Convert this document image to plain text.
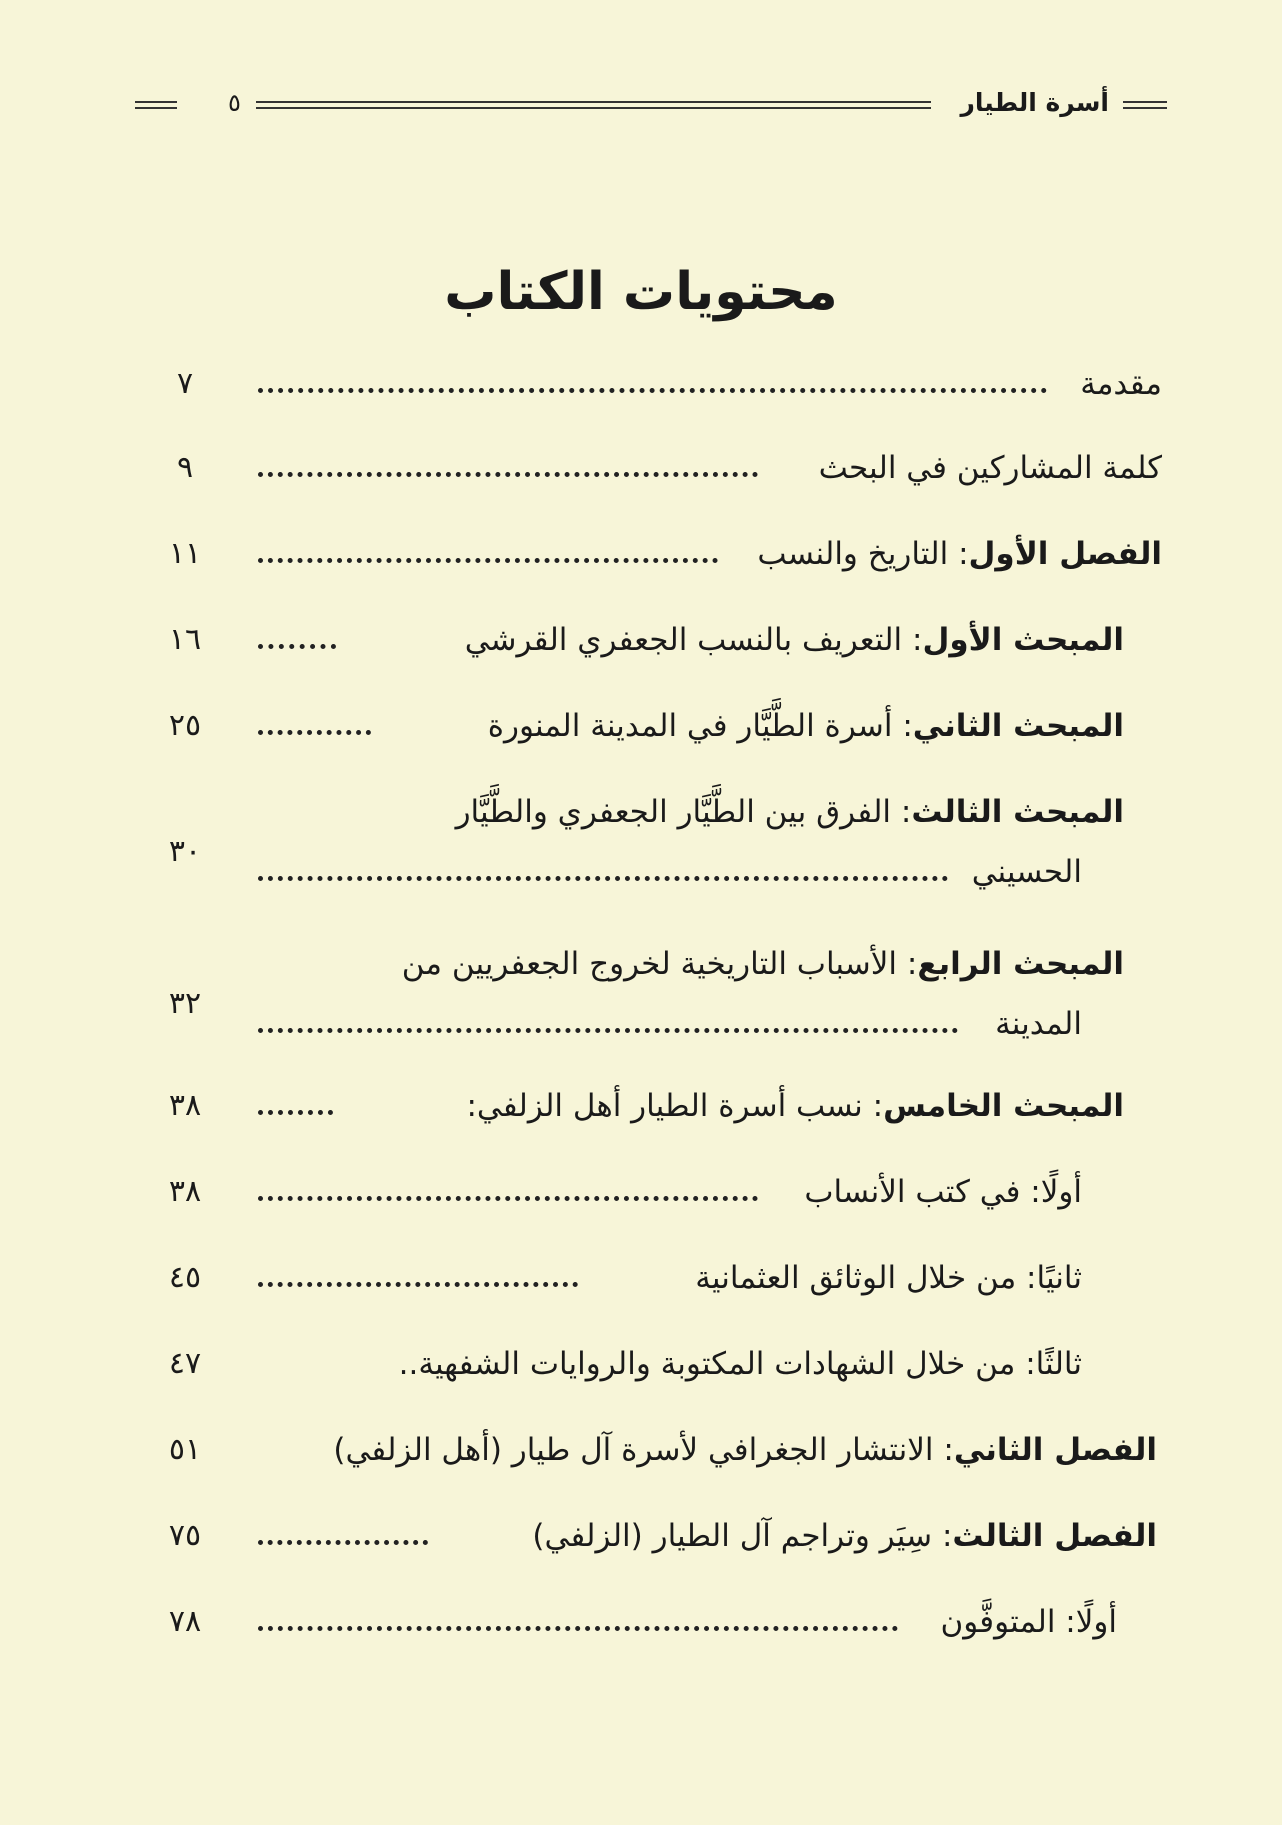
أسرة الطيار
٥
محتويات الكتاب
مقدمة
٧
كلمة المشاركين في البحث
٩
الفصل الأول: التاريخ والنسب
١١
المبحث الأول: التعريف بالنسب الجعفري القرشي
١٦
المبحث الثاني: أسرة الطَّيَّار في المدينة المنورة
٢٥
المبحث الثالث: الفرق بين الطَّيَّار الجعفري والطَّيَّار
الحسيني
٣٠
المبحث الرابع: الأسباب التاريخية لخروج الجعفريين من
المدينة
٣٢
المبحث الخامس: نسب أسرة الطيار أهل الزلفي:
٣٨
أولًا: في كتب الأنساب
٣٨
ثانيًا: من خلال الوثائق العثمانية
٤٥
ثالثًا: من خلال الشهادات المكتوبة والروايات الشفهية..
٤٧
الفصل الثاني: الانتشار الجغرافي لأسرة آل طيار (أهل الزلفي)
٥١
الفصل الثالث: سِيَر وتراجم آل الطيار (الزلفي)
٧٥
أولًا: المتوفَّون
٧٨
